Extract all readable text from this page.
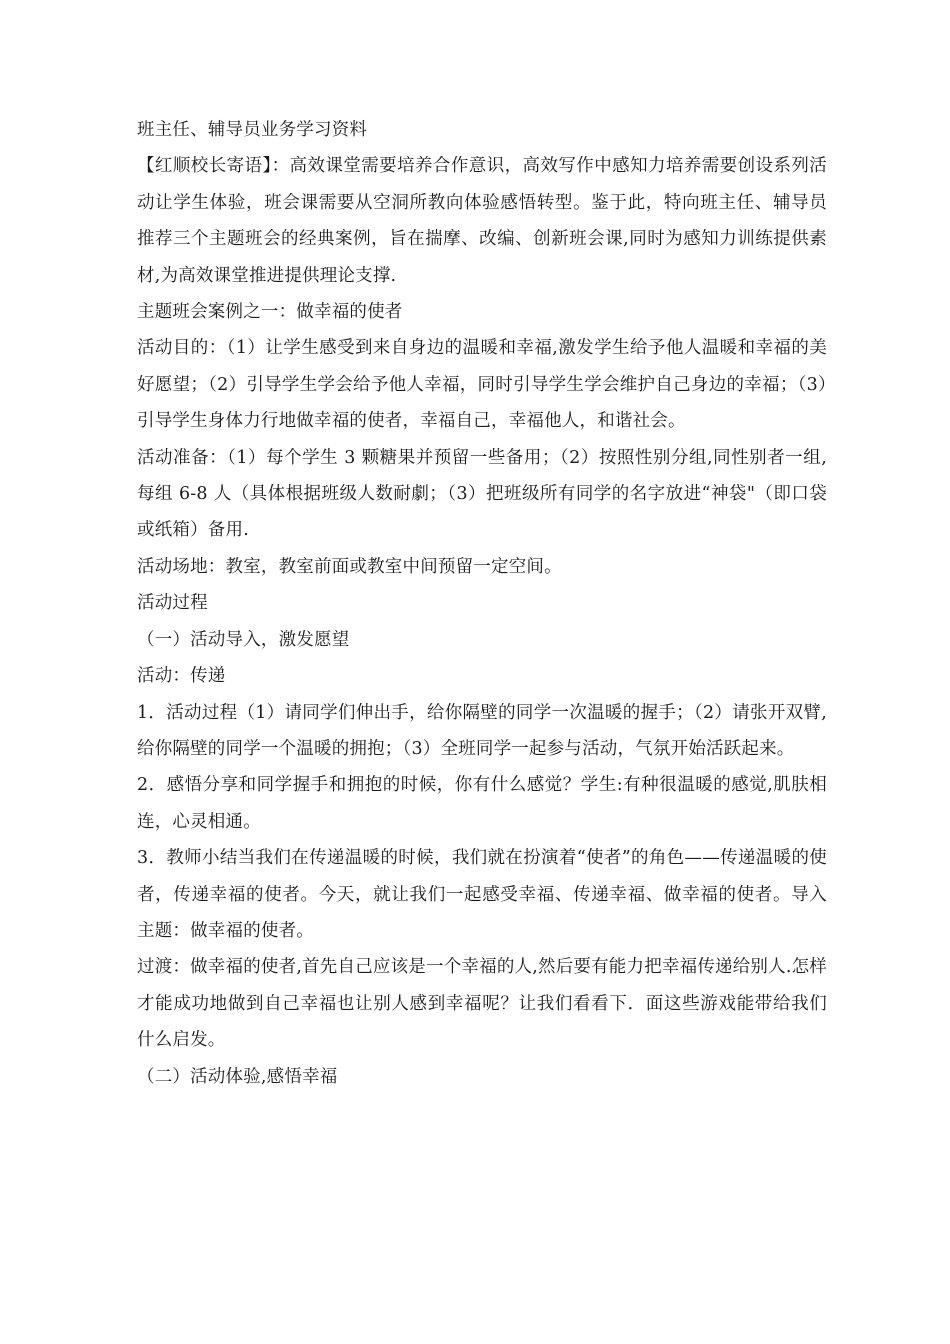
班主任、辅导员业务学习资料

【红顺校长寄语】：高效课堂需要培养合作意识，高效写作中感知力培养需要创设系列活动让学生体验，班会课需要从空洞所教向体验感悟转型。鉴于此，特向班主任、辅导员推荐三个主题班会的经典案例，旨在揣摩、改编、创新班会课,同时为感知力训练提供素材,为高效课堂推进提供理论支撑.

主题班会案例之一：做幸福的使者

活动目的：（1）让学生感受到来自身边的温暖和幸福,激发学生给予他人温暖和幸福的美好愿望；（2）引导学生学会给予他人幸福，同时引导学生学会维护自己身边的幸福；（3）引导学生身体力行地做幸福的使者，幸福自己，幸福他人，和谐社会。

活动准备：（1）每个学生 3 颗糖果并预留一些备用；（2）按照性别分组,同性别者一组,每组 6-8 人（具体根据班级人数耐劇；（3）把班级所有同学的名字放进“神袋"（即口袋或纸箱）备用.

活动场地：教室，教室前面或教室中间预留一定空间。

活动过程

（一）活动导入，激发愿望

活动：传递

1．活动过程（1）请同学们伸出手，给你隔壁的同学一次温暖的握手；（2）请张开双臂,给你隔壁的同学一个温暖的拥抱；（3）全班同学一起参与活动，气氛开始活跃起来。

2．感悟分享和同学握手和拥抱的时候，你有什么感觉？学生:有种很温暖的感觉,肌肤相连，心灵相通。

3．教师小结当我们在传递温暖的时候，我们就在扮演着“使者”的角色——传递温暖的使者，传递幸福的使者。今天，就让我们一起感受幸福、传递幸福、做幸福的使者。导入主题：做幸福的使者。

过渡：做幸福的使者,首先自己应该是一个幸福的人,然后要有能力把幸福传递给别人.怎样才能成功地做到自己幸福也让别人感到幸福呢？让我们看看下．面这些游戏能带给我们什么启发。

（二）活动体验,感悟幸福
